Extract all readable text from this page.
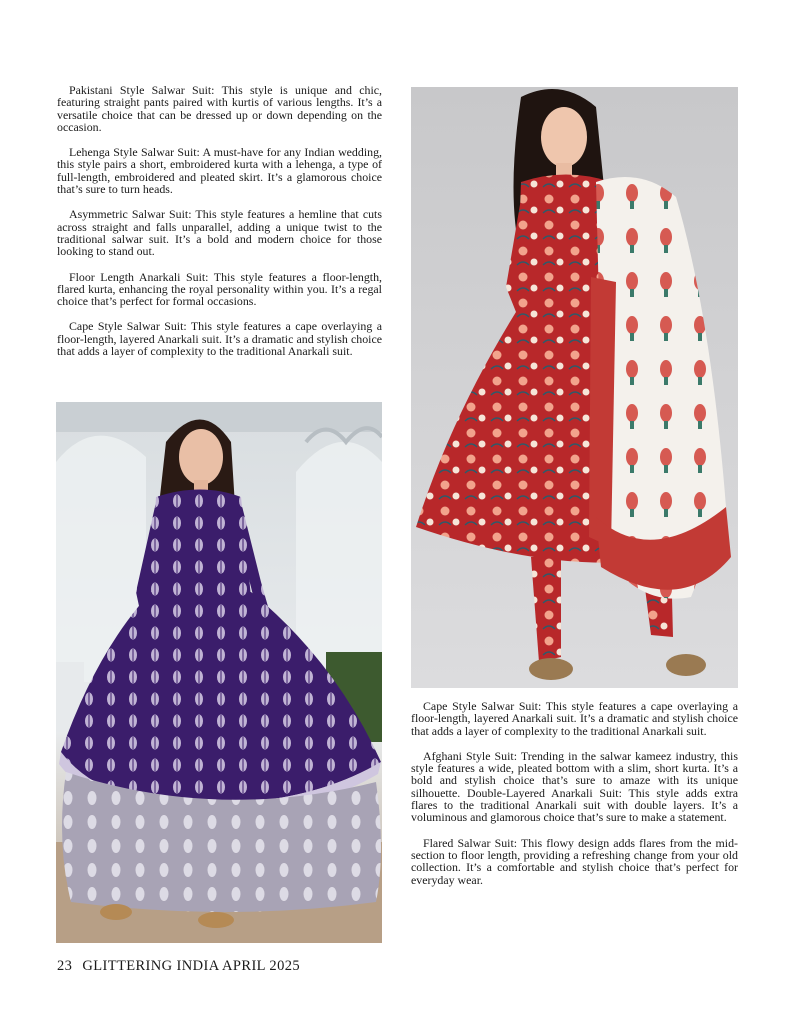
Pakistani Style Salwar Suit: This style is unique and chic, featuring straight pants paired with kurtis of various lengths. It’s a versatile choice that can be dressed up or down depending on the occasion.

Lehenga Style Salwar Suit: A must-have for any Indian wedding, this style pairs a short, embroidered kurta with a lehenga, a type of full-length, embroidered and pleated skirt. It’s a glamorous choice that’s sure to turn heads.

Asymmetric Salwar Suit: This style features a hemline that cuts across straight and falls unparallel, adding a unique twist to the traditional salwar suit. It’s a bold and modern choice for those looking to stand out.

Floor Length Anarkali Suit: This style features a floor-length, flared kurta, enhancing the royal personality within you. It’s a regal choice that’s perfect for formal occasions.

Cape Style Salwar Suit: This style features a cape overlaying a floor-length, layered Anarkali suit. It’s a dramatic and stylish choice that adds a layer of complexity to the traditional Anarkali suit.

Cape Style Salwar Suit: This style features a cape overlaying a floor-length, layered Anarkali suit. It’s a dramatic and stylish choice that adds a layer of complexity to the traditional Anarkali suit.

Afghani Style Suit: Trending in the salwar kameez industry, this style features a wide, pleated bottom with a slim, short kurta. It’s a bold and stylish choice that’s sure to amaze with its unique silhouette. Double-Layered Anarkali Suit: This style adds extra flares to the traditional Anarkali suit with double layers. It’s a voluminous and glamorous choice that’s sure to make a statement.

Flared Salwar Suit: This flowy design adds flares from the mid-section to floor length, providing a refreshing change from your old collection. It’s a comfortable and stylish choice that’s perfect for everyday wear.

23 GLITTERING INDIA APRIL 2025
